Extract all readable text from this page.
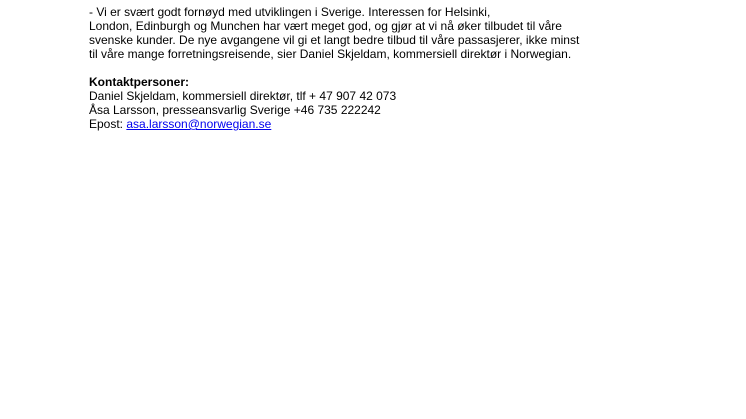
- Vi er svært godt fornøyd med utviklingen i Sverige. Interessen for Helsinki,
London, Edinburgh og Munchen har vært meget god, og gjør at vi nå øker tilbudet til våre
svenske kunder. De nye avgangene vil gi et langt bedre tilbud til våre passasjerer, ikke minst
til våre mange forretningsreisende, sier Daniel Skjeldam, kommersiell direktør i Norwegian.
Kontaktpersoner:
Daniel Skjeldam, kommersiell direktør, tlf + 47 907 42 073
Åsa Larsson, presseansvarlig Sverige +46 735 222242
Epost: asa.larsson@norwegian.se
